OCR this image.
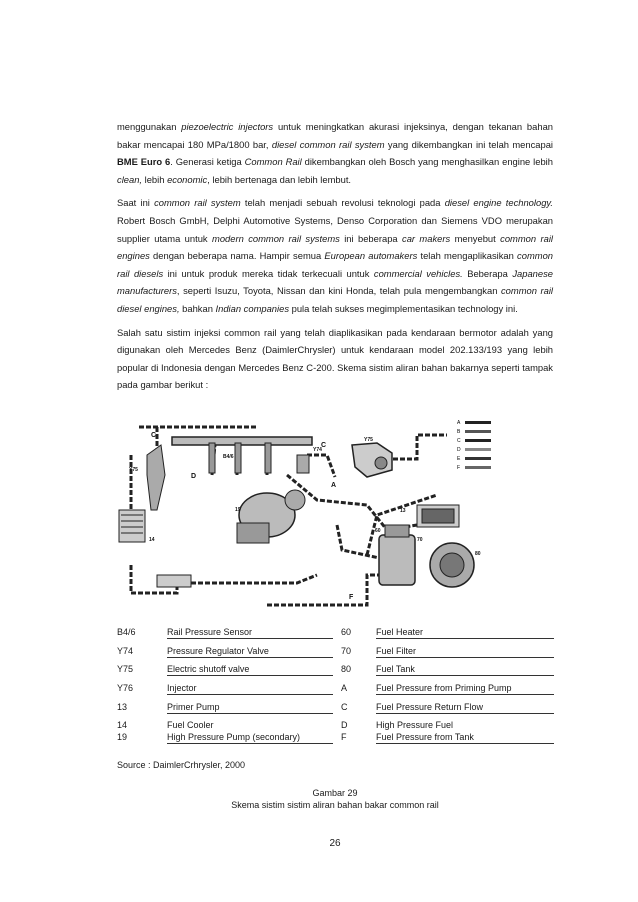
menggunakan piezoelectric injectors untuk meningkatkan akurasi injeksinya, dengan tekanan bahan bakar mencapai 180 MPa/1800 bar, diesel common rail system yang dikembangkan ini telah mencapai BME Euro 6. Generasi ketiga Common Rail dikembangkan oleh Bosch yang menghasilkan engine lebih clean, lebih economic, lebih bertenaga dan lebih lembut.

Saat ini common rail system telah menjadi sebuah revolusi teknologi pada diesel engine technology. Robert Bosch GmbH, Delphi Automotive Systems, Denso Corporation dan Siemens VDO merupakan supplier utama untuk modern common rail systems ini beberapa car makers menyebut common rail engines dengan beberapa nama. Hampir semua European automakers telah mengaplikasikan common rail diesels ini untuk produk mereka tidak terkecuali untuk commercial vehicles. Beberapa Japanese manufacturers, seperti Isuzu, Toyota, Nissan dan kini Honda, telah pula mengembangkan common rail diesel engines, bahkan Indian companies pula telah sukses megimplementasikan technology ini.

Salah satu sistim injeksi common rail yang telah diaplikasikan pada kendaraan bermotor adalah yang digunakan oleh Mercedes Benz (DaimlerChrysler) untuk kendaraan model 202.133/193 yang lebih popular di Indonesia dengan Mercedes Benz C-200. Skema sistim aliran bahan bakarnya seperti tampak pada gambar berikut :

A
B
C
D
E
F
C
C
B4/6
Y74
Y75
Y75
D
A
13
14
19
60
70
80
F
B4/6	Rail Pressure Sensor	60	Fuel Heater
Y74	Pressure Regulator Valve	70	Fuel Filter
Y75	Electric shutoff valve	80	Fuel Tank
Y76	Injector	A	Fuel Pressure from Priming Pump
13	Primer Pump	C	Fuel Pressure Return Flow
14	Fuel Cooler	D	High Pressure Fuel
19	High Pressure Pump (secondary)	F	Fuel Pressure from Tank
Source : DaimlerCrhrysler, 2000
Gambar 29
Skema sistim sistim aliran bahan bakar common rail
26
